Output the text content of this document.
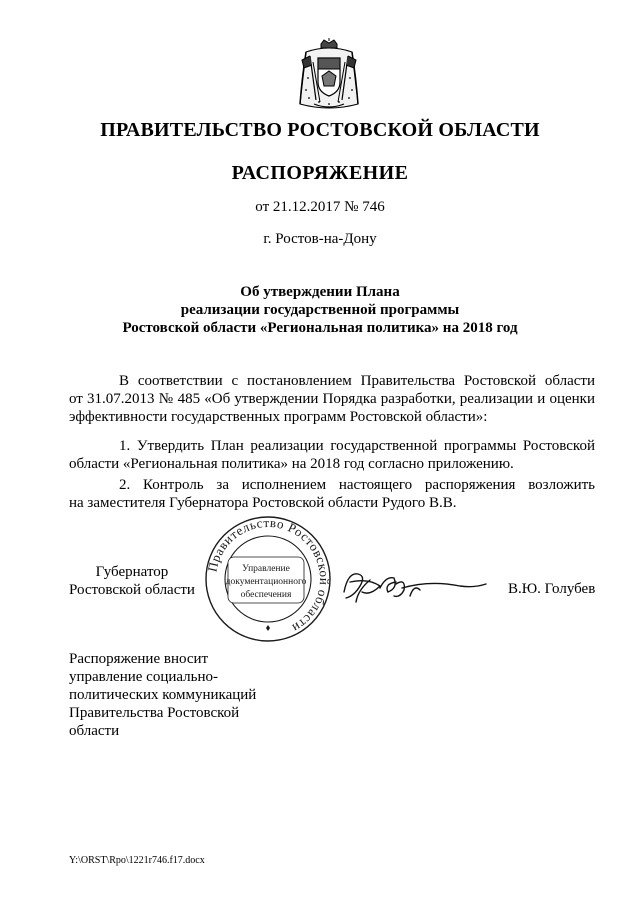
ПРАВИТЕЛЬСТВО РОСТОВСКОЙ ОБЛАСТИ
РАСПОРЯЖЕНИЕ
от 21.12.2017 № 746
г. Ростов-на-Дону
Об утверждении Плана
реализации государственной программы
Ростовской области «Региональная политика» на 2018 год
В соответствии с постановлением Правительства Ростовской области
от 31.07.2013 № 485 «Об утверждении Порядка разработки, реализации и оценки
эффективности государственных программ Ростовской области»:
1. Утвердить План реализации государственной программы Ростовской
области «Региональная политика» на 2018 год согласно приложению.
2. Контроль за исполнением настоящего распоряжения возложить
на заместителя Губернатора Ростовской области Рудого В.В.
Губернатор
Ростовской области
Правительство Ростовской области
Управление
документационного
обеспечения	В.Ю. Голубев
Распоряжение вносит
управление социально-
политических коммуникаций
Правительства Ростовской
области
Y:\ORST\Rpo\1221r746.f17.docx
